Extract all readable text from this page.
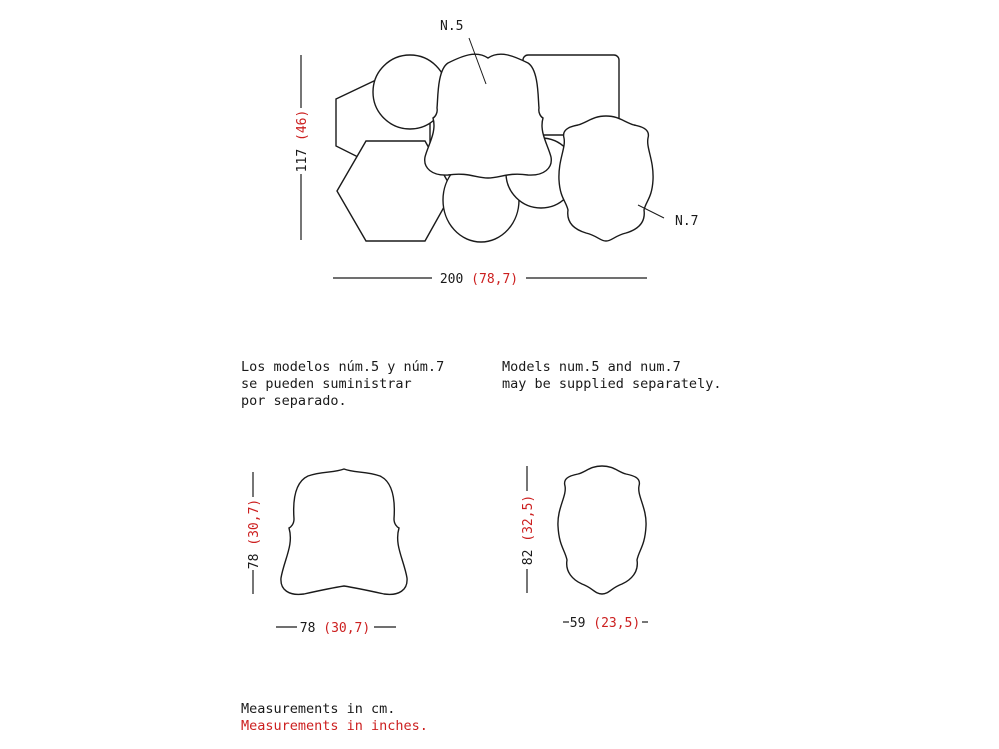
N.5
N.7
117 (46)
200 (78,7)
78 (30,7)
78 (30,7)
82 (32,5)
59 (23,5)

Los modelos núm.5 y núm.7
se pueden suministrar
por separado.

Models num.5 and num.7
may be supplied separately.

Measurements in cm.

Measurements in inches.
